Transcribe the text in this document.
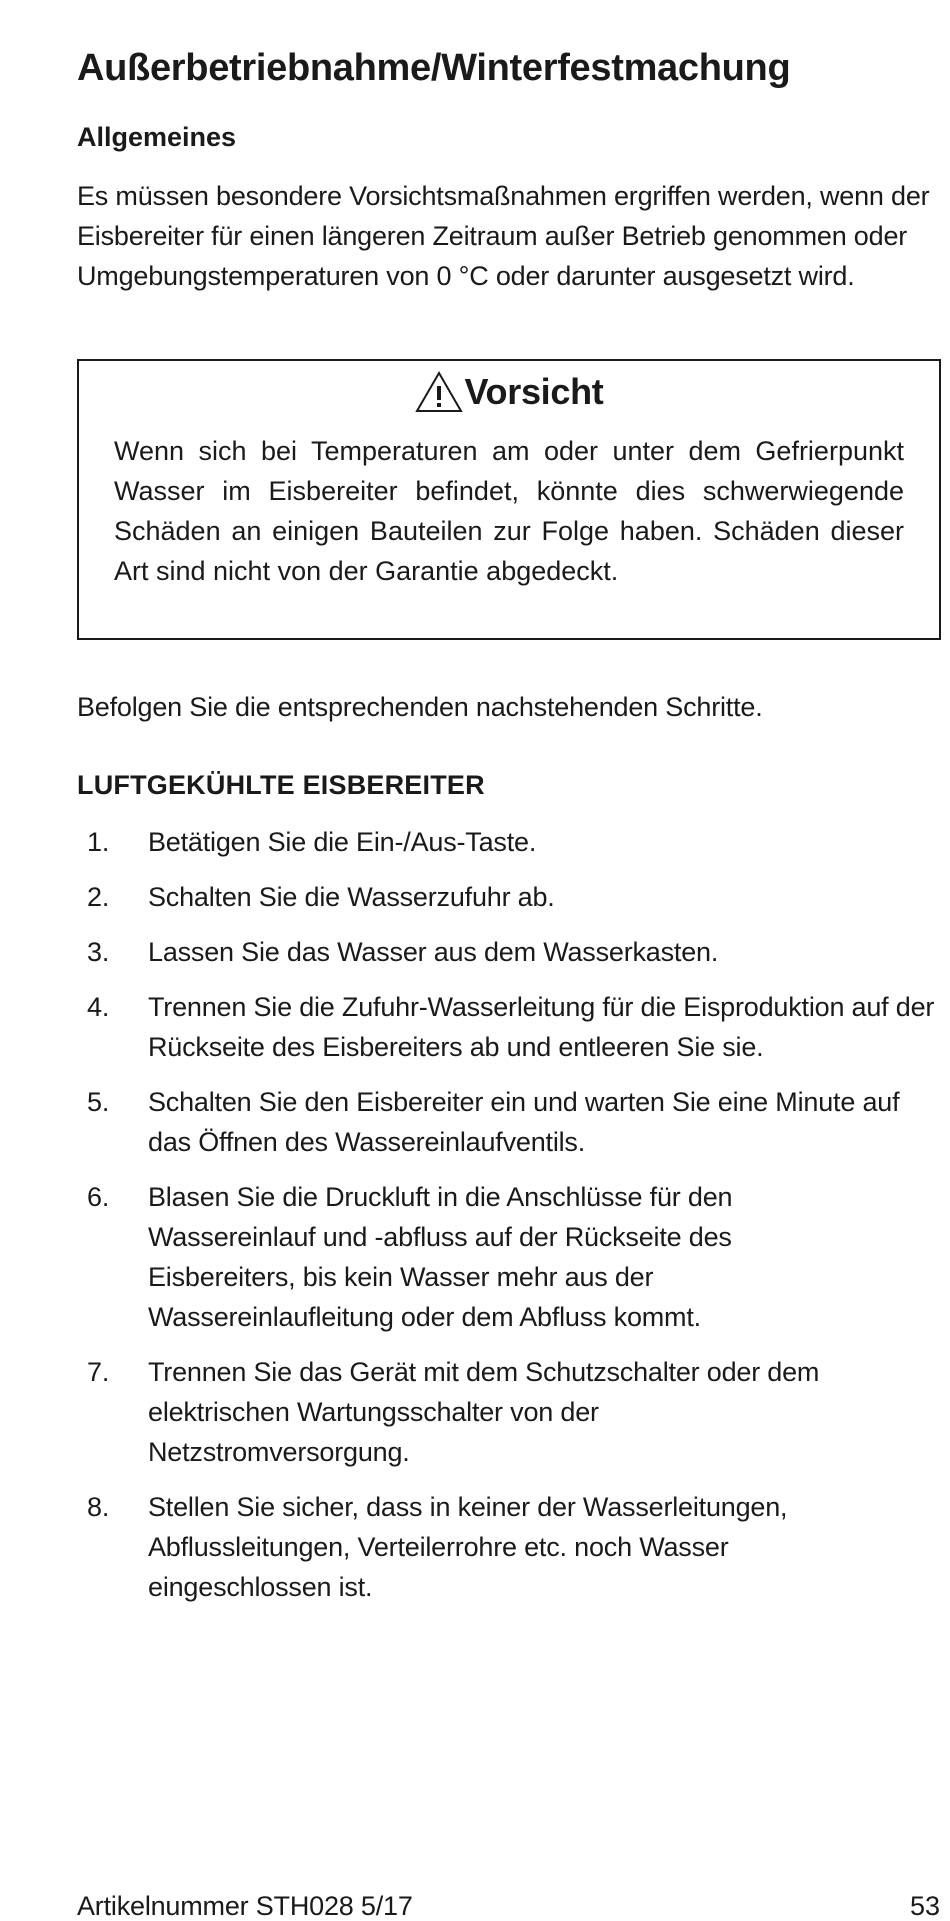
Außerbetriebnahme/Winterfestmachung
Allgemeines

Es müssen besondere Vorsichtsmaßnahmen ergriffen werden, wenn der Eisbereiter für einen längeren Zeitraum außer Betrieb genommen oder Umgebungstemperaturen von 0 °C oder darunter ausgesetzt wird.

Vorsicht

Wenn sich bei Temperaturen am oder unter dem Gefrierpunkt Wasser im Eisbereiter befindet, könnte dies schwerwiegende Schäden an einigen Bauteilen zur Folge haben. Schäden dieser Art sind nicht von der Garantie abgedeckt.

Befolgen Sie die entsprechenden nachstehenden Schritte.

LUFTGEKÜHLTE EISBEREITER
1. Betätigen Sie die Ein-/Aus-Taste.
2. Schalten Sie die Wasserzufuhr ab.
3. Lassen Sie das Wasser aus dem Wasserkasten.
4. Trennen Sie die Zufuhr-Wasserleitung für die Eisproduktion auf der Rückseite des Eisbereiters ab und entleeren Sie sie.
5. Schalten Sie den Eisbereiter ein und warten Sie eine Minute auf das Öffnen des Wassereinlaufventils.
6. Blasen Sie die Druckluft in die Anschlüsse für den Wassereinlauf und -abfluss auf der Rückseite des Eisbereiters, bis kein Wasser mehr aus der Wassereinlaufleitung oder dem Abfluss kommt.
7. Trennen Sie das Gerät mit dem Schutzschalter oder dem elektrischen Wartungsschalter von der Netzstromversorgung.
8. Stellen Sie sicher, dass in keiner der Wasserleitungen, Abflussleitungen, Verteilerrohre etc. noch Wasser eingeschlossen ist.

Artikelnummer STH028 5/17	53
